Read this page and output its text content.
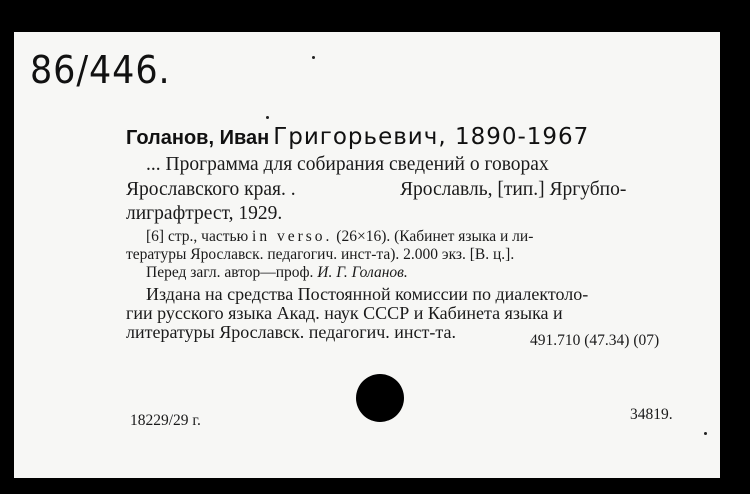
86/446.
Голанов, Иван Григорьевич, 1890-1967
... Программа для собирания сведений о говорах
Ярославского края. .	Ярославль, [тип.] Яргубпо-
лиграфтрест, 1929.
[6] стр., частью in verso. (26×16). (Кабинет языка и ли-
тературы Ярославск. педагогич. инст-та). 2.000 экз. [В. ц.].
Перед загл. автор—проф. И. Г. Голанов.
Издана на средства Постоянной комиссии по диалектоло-
гии русского языка Акад. наук СССР и Кабинета языка и
литературы Ярославск. педагогич. инст-та.	491.710 (47.34) (07)
18229/29 г.	34819.
